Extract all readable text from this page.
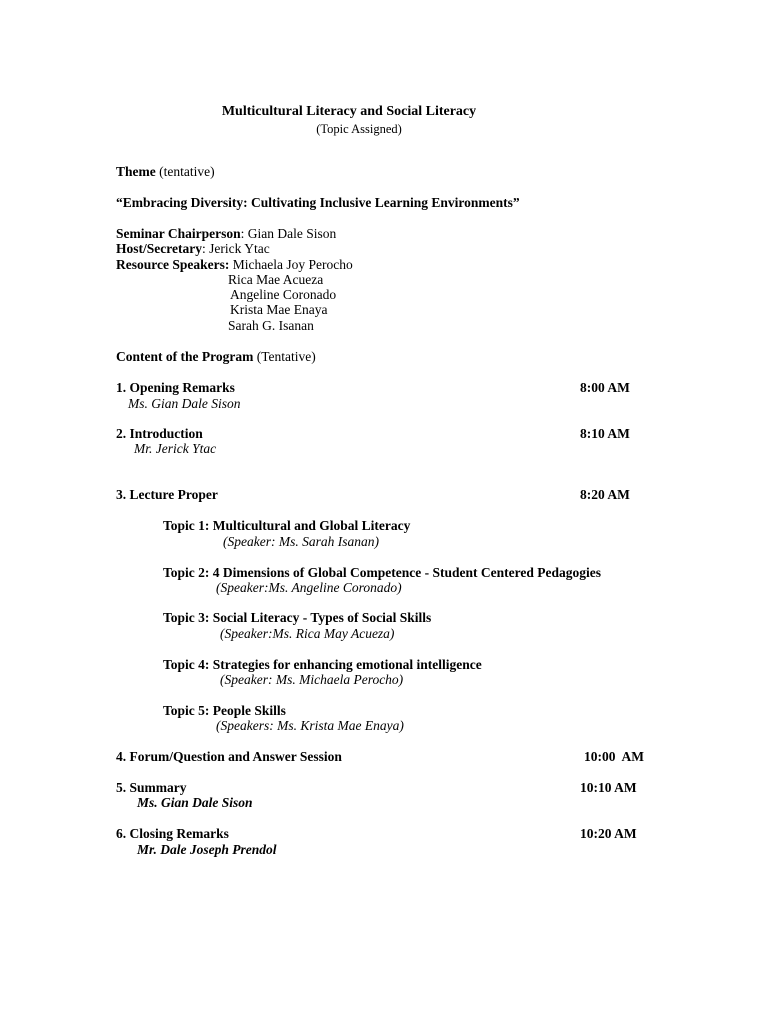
Multicultural Literacy and Social Literacy
(Topic Assigned)
Theme (tentative)
“Embracing Diversity: Cultivating Inclusive Learning Environments”
Seminar Chairperson: Gian Dale Sison
Host/Secretary: Jerick Ytac
Resource Speakers: Michaela Joy Perocho
Rica Mae Acueza
Angeline Coronado
Krista Mae Enaya
Sarah G. Isanan
Content of the Program (Tentative)
1. Opening Remarks	8:00 AM
Ms. Gian Dale Sison
2. Introduction	8:10 AM
Mr. Jerick Ytac
3. Lecture Proper	8:20 AM
Topic 1: Multicultural and Global Literacy
(Speaker: Ms. Sarah Isanan)
Topic 2: 4 Dimensions of Global Competence - Student Centered Pedagogies
(Speaker:Ms. Angeline Coronado)
Topic 3: Social Literacy - Types of Social Skills
(Speaker:Ms. Rica May Acueza)
Topic 4: Strategies for enhancing emotional intelligence
(Speaker: Ms. Michaela Perocho)
Topic 5: People Skills
(Speakers: Ms. Krista Mae Enaya)
4. Forum/Question and Answer Session	10:00  AM
5. Summary	10:10 AM
Ms. Gian Dale Sison
6. Closing Remarks	10:20 AM
Mr. Dale Joseph Prendol
